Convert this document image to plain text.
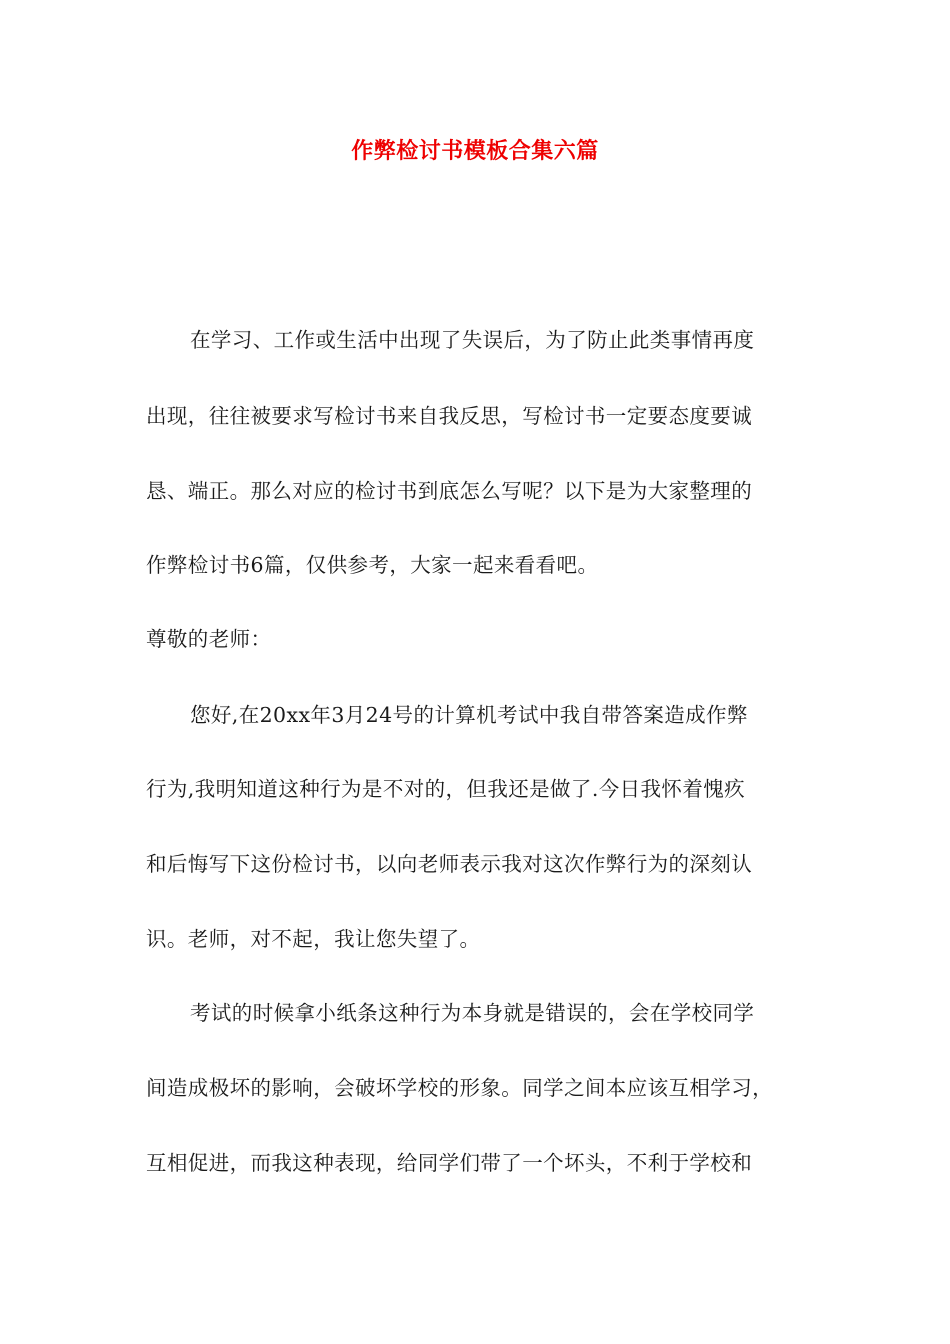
作弊检讨书模板合集六篇
在学习、工作或生活中出现了失误后，为了防止此类事情再度
出现，往往被要求写检讨书来自我反思，写检讨书一定要态度要诚
恳、端正。那么对应的检讨书到底怎么写呢？以下是为大家整理的
作弊检讨书6篇，仅供参考，大家一起来看看吧。
尊敬的老师：
您好,在20xx年3月24号的计算机考试中我自带答案造成作弊
行为,我明知道这种行为是不对的，但我还是做了.今日我怀着愧疚
和后悔写下这份检讨书，以向老师表示我对这次作弊行为的深刻认
识。老师，对不起，我让您失望了。
考试的时候拿小纸条这种行为本身就是错误的，会在学校同学
间造成极坏的影响，会破坏学校的形象。同学之间本应该互相学习，
互相促进，而我这种表现，给同学们带了一个坏头，不利于学校和
